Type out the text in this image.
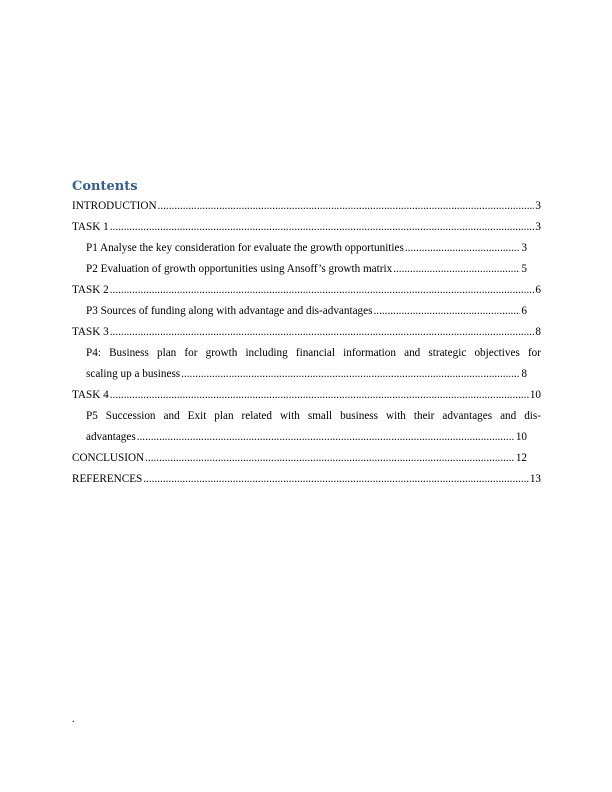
Contents
INTRODUCTION .....	3
TASK 1 .....	3
P1 Analyse the key consideration for evaluate the growth opportunities .....	3
P2 Evaluation of growth opportunities using Ansoff’s growth matrix .....	5
TASK 2 .....	6
P3 Sources of funding along with advantage and dis-advantages .....	6
TASK 3 .....	8
P4: Business plan for growth including financial information and strategic objectives for
scaling up a business .....	8
TASK 4 .....	10
P5 Succession and Exit plan related with small business with their advantages and dis-
advantages .....	10
CONCLUSION .....	12
REFERENCES .....	13
.
